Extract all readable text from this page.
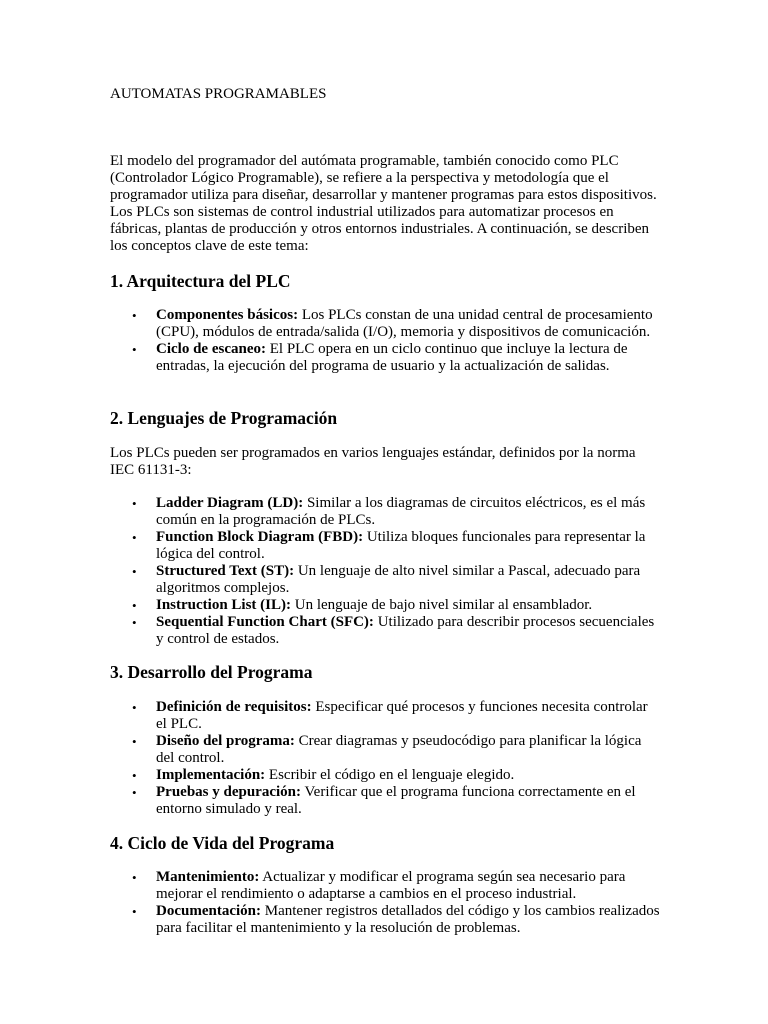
AUTOMATAS PROGRAMABLES

El modelo del programador del autómata programable, también conocido como PLC (Controlador Lógico Programable), se refiere a la perspectiva y metodología que el programador utiliza para diseñar, desarrollar y mantener programas para estos dispositivos. Los PLCs son sistemas de control industrial utilizados para automatizar procesos en fábricas, plantas de producción y otros entornos industriales. A continuación, se describen los conceptos clave de este tema:

1. Arquitectura del PLC
• Componentes básicos: Los PLCs constan de una unidad central de procesamiento (CPU), módulos de entrada/salida (I/O), memoria y dispositivos de comunicación.
• Ciclo de escaneo: El PLC opera en un ciclo continuo que incluye la lectura de entradas, la ejecución del programa de usuario y la actualización de salidas.
2. Lenguajes de Programación

Los PLCs pueden ser programados en varios lenguajes estándar, definidos por la norma IEC 61131-3:

• Ladder Diagram (LD): Similar a los diagramas de circuitos eléctricos, es el más común en la programación de PLCs.
• Function Block Diagram (FBD): Utiliza bloques funcionales para representar la lógica del control.
• Structured Text (ST): Un lenguaje de alto nivel similar a Pascal, adecuado para algoritmos complejos.
• Instruction List (IL): Un lenguaje de bajo nivel similar al ensamblador.
• Sequential Function Chart (SFC): Utilizado para describir procesos secuenciales y control de estados.
3. Desarrollo del Programa
• Definición de requisitos: Especificar qué procesos y funciones necesita controlar el PLC.
• Diseño del programa: Crear diagramas y pseudocódigo para planificar la lógica del control.
• Implementación: Escribir el código en el lenguaje elegido.
• Pruebas y depuración: Verificar que el programa funciona correctamente en el entorno simulado y real.
4. Ciclo de Vida del Programa
• Mantenimiento: Actualizar y modificar el programa según sea necesario para mejorar el rendimiento o adaptarse a cambios en el proceso industrial.
• Documentación: Mantener registros detallados del código y los cambios realizados para facilitar el mantenimiento y la resolución de problemas.
